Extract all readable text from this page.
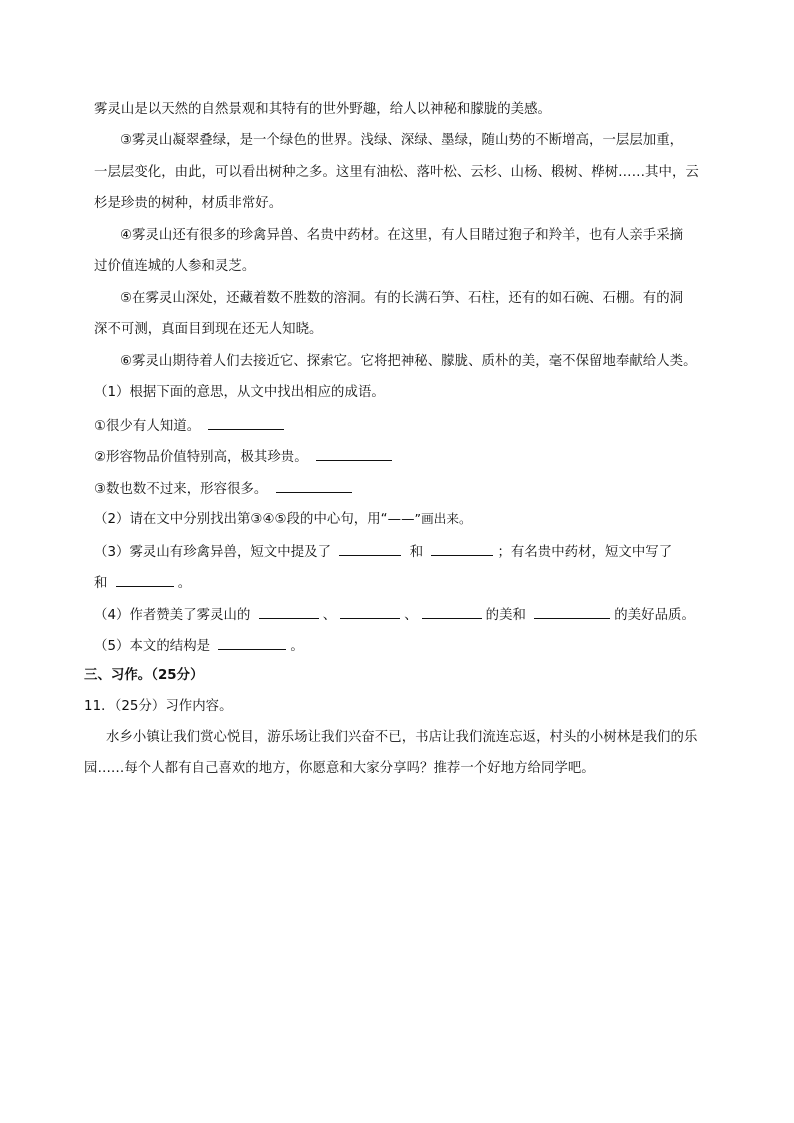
雾灵山是以天然的自然景观和其特有的世外野趣，给人以神秘和朦胧的美感。
③雾灵山凝翠叠绿，是一个绿色的世界。浅绿、深绿、墨绿，随山势的不断增高，一层层加重，
一层层变化，由此，可以看出树种之多。这里有油松、落叶松、云杉、山杨、椴树、桦树……其中，云
杉是珍贵的树种，材质非常好。
④雾灵山还有很多的珍禽异兽、名贵中药材。在这里，有人目睹过狍子和羚羊，也有人亲手采摘
过价值连城的人参和灵芝。
⑤在雾灵山深处，还藏着数不胜数的溶洞。有的长满石笋、石柱，还有的如石碗、石棚。有的洞
深不可测，真面目到现在还无人知晓。
⑥雾灵山期待着人们去接近它、探索它。它将把神秘、朦胧、质朴的美，毫不保留地奉献给人类。
（1）根据下面的意思，从文中找出相应的成语。
①很少有人知道。
②形容物品价值特别高，极其珍贵。
③数也数不过来，形容很多。
（2）请在文中分别找出第③④⑤段的中心句，用“——”画出来。
（3）雾灵山有珍禽异兽，短文中提及了	和	；有名贵中药材，短文中写了
和	。
（4）作者赞美了雾灵山的	、	、	的美和	的美好品质。
（5）本文的结构是	。
三、习作。（25分）
11．（25分）习作内容。
水乡小镇让我们赏心悦目，游乐场让我们兴奋不已，书店让我们流连忘返，村头的小树林是我们的乐
园……每个人都有自己喜欢的地方，你愿意和大家分享吗？推荐一个好地方给同学吧。
